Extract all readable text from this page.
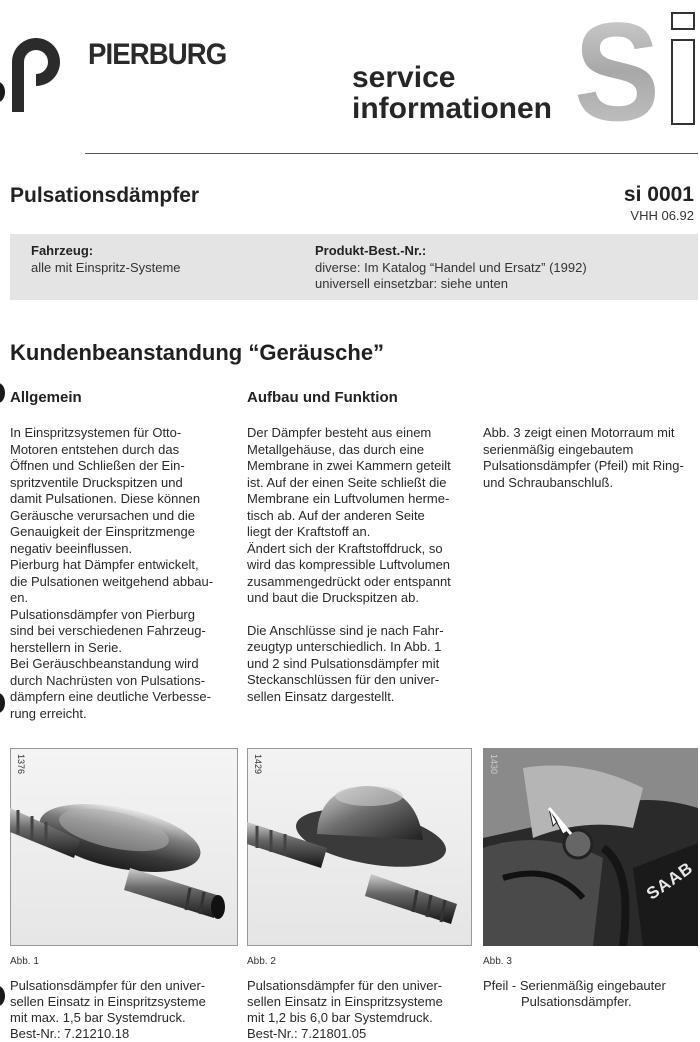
PIERBURG
service
informationen S
Pulsationsdämpfer	si 0001
VHH 06.92
Fahrzeug:
alle mit Einspritz-Systeme
Produkt-Best.-Nr.:
diverse: Im Katalog “Handel und Ersatz” (1992)
universell einsetzbar: siehe unten
Kundenbeanstandung “Geräusche”
Allgemein

In Einspritzsystemen für Otto-

Motoren entstehen durch das

Öffnen und Schließen der Ein-

spritzventile Druckspitzen und

damit Pulsationen. Diese können

Geräusche verursachen und die

Genauigkeit der Einspritzmenge

negativ beeinflussen.

Pierburg hat Dämpfer entwickelt,

die Pulsationen weitgehend abbau-

en.

Pulsationsdämpfer von Pierburg

sind bei verschiedenen Fahrzeug-

herstellern in Serie.

Bei Geräuschbeanstandung wird

durch Nachrüsten von Pulsations-

dämpfern eine deutliche Verbesse-

rung erreicht.

Aufbau und Funktion

Der Dämpfer besteht aus einem

Metallgehäuse, das durch eine

Membrane in zwei Kammern geteilt

ist. Auf der einen Seite schließt die

Membrane ein Luftvolumen herme-

tisch ab. Auf der anderen Seite

liegt der Kraftstoff an.

Ändert sich der Kraftstoffdruck, so

wird das kompressible Luftvolumen

zusammengedrückt oder entspannt

und baut die Druckspitzen ab.

Die Anschlüsse sind je nach Fahr-

zeugtyp unterschiedlich. In Abb. 1

und 2 sind Pulsationsdämpfer mit

Steckanschlüssen für den univer-

sellen Einsatz dargestellt.

Abb. 3 zeigt einen Motorraum mit

serienmäßig eingebautem

Pulsationsdämpfer (Pfeil) mit Ring-

und Schraubanschluß.

1376
Abb. 1

Pulsationsdämpfer für den univer-

sellen Einsatz in Einspritzsysteme

mit max. 1,5 bar Systemdruck.

Best-Nr.: 7.21210.18

1429
Abb. 2

Pulsationsdämpfer für den univer-

sellen Einsatz in Einspritzsysteme

mit 1,2 bis 6,0 bar Systemdruck.

Best-Nr.: 7.21801.05

SAAB
1430
Abb. 3

Pfeil - Serienmäßig eingebauter

Pulsationsdämpfer.
